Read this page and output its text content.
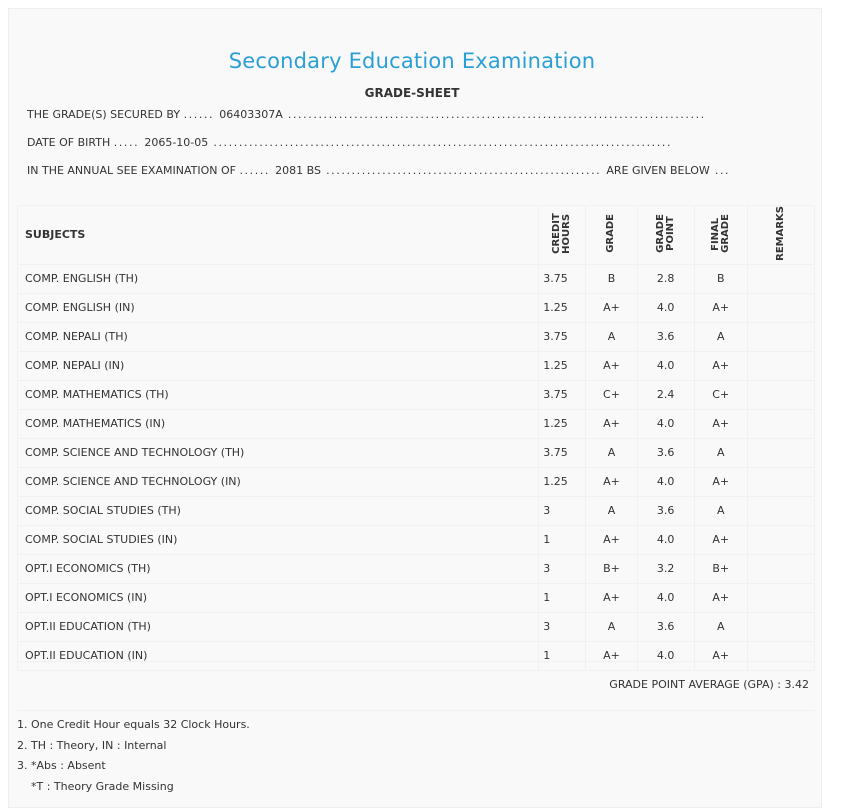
Secondary Education Examination
GRADE-SHEET
THE GRADE(S) SECURED BY ...... 06403307A ..................................................................................
DATE OF BIRTH ..... 2065-10-05 ..........................................................................................
IN THE ANNUAL SEE EXAMINATION OF ...... 2081 BS ...................................................... ARE GIVEN BELOW ...
SUBJECTS	CREDIT HOURS	GRADE	GRADE POINT	FINAL GRADE	REMARKS
COMP. ENGLISH (TH)	3.75	B	2.8	B	
COMP. ENGLISH (IN)	1.25	A+	4.0	A+	
COMP. NEPALI (TH)	3.75	A	3.6	A	
COMP. NEPALI (IN)	1.25	A+	4.0	A+	
COMP. MATHEMATICS (TH)	3.75	C+	2.4	C+	
COMP. MATHEMATICS (IN)	1.25	A+	4.0	A+	
COMP. SCIENCE AND TECHNOLOGY (TH)	3.75	A	3.6	A	
COMP. SCIENCE AND TECHNOLOGY (IN)	1.25	A+	4.0	A+	
COMP. SOCIAL STUDIES (TH)	3	A	3.6	A	
COMP. SOCIAL STUDIES (IN)	1	A+	4.0	A+	
OPT.I ECONOMICS (TH)	3	B+	3.2	B+	
OPT.I ECONOMICS (IN)	1	A+	4.0	A+	
OPT.II EDUCATION (TH)	3	A	3.6	A	
OPT.II EDUCATION (IN)	1	A+	4.0	A+	
GRADE POINT AVERAGE (GPA) : 3.42
1. One Credit Hour equals 32 Clock Hours.
2. TH : Theory, IN : Internal
3. *Abs : Absent
*T : Theory Grade Missing
